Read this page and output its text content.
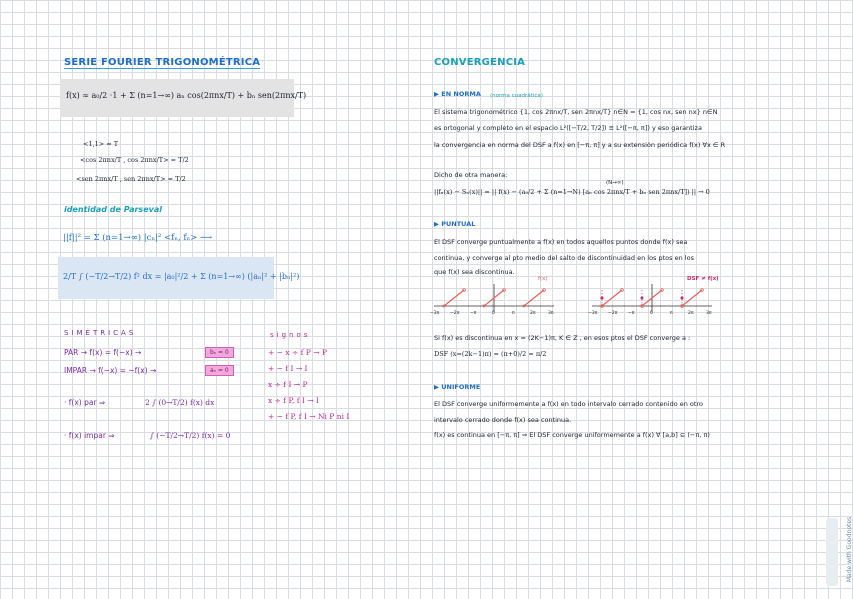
SERIE FOURIER TRIGONOMÉTRICA
f(x) ≈ a₀/2 ·1 + Σ (n=1→∞) aₙ cos(2πnx/T) + bₙ sen(2πnx/T)
<1,1> = T
<cos 2πnx/T , cos 2πnx/T> = T/2
<sen 2πnx/T , sen 2πnx/T> = T/2
identidad de Parseval
||f||² = Σ (n=1→∞) |cₙ|² <fₙ, fₙ> ⟶
2/T ∫ (−T/2→T/2) f² dx = |a₀|²/2 + Σ (n=1→∞) (|aₙ|² + |bₙ|²)
SIMÉTRICAS
PAR → f(x) = f(−x) →	bₙ = 0
IMPAR → f(−x) = −f(x) →	aₙ = 0
· f(x) par ⇒	2 ∫ (0→T/2) f(x) dx
· f(x) impar ⇒	∫ (−T/2→T/2) f(x) = 0
signos
+ − x ÷ f P → P
+ − f I → I
x ÷ f I → P
x ÷ f P, f I → I
+ − f P, f I → Ni P ni I
CONVERGENCIA
▶ EN NORMA (norma cuadrática)
El sistema trigonométrico {1, cos 2πnx/T, sen 2πnx/T} n∈N = {1, cos nx, sen nx} n∈N
es ortogonal y completo en el espacio L²([−T/2, T/2]) ≅ L²([−π, π]) y eso garantiza
la convergencia en norma del DSF a f(x) en [−π, π] y a su extensión periódica f(x) ∀x ∈ R
Dicho de otra manera:
||fₙ(x) − Sₙ(x)|| = || f(x) − (a₀/2 + Σ (n=1→N) [aₙ cos 2πnx/T + bₙ sen 2πnx/T]) || → 0
(N→∞)
▶ PUNTUAL
El DSF converge puntualmente a f(x) en todos aquellos puntos donde f(x) sea
continua, y converge al pto medio del salto de discontinuidad en los ptos en los
que f(x) sea discontinua.
f(x)
−3π −2π −π	0	π	2π	3π
DSF ≠ f(x)
−3π −2π −π	0	π	2π	3π
Si f(x) es discontinua en x = (2K−1)π, K ∈ Z , en esos ptos el DSF converge a :
DSF (x=(2k−1)π) = (π+0)/2 = π/2
▶ UNIFORME
El DSF converge uniformemente a f(x) en todo intervalo cerrado contenido en otro
intervalo cerrado donde f(x) sea continua.
f(x) es continua en [−π, π] ⇒ El DSF converge uniformemente a f(x) ∀ [a,b] ⊆ (−π, π)
Made with Goodnotes
